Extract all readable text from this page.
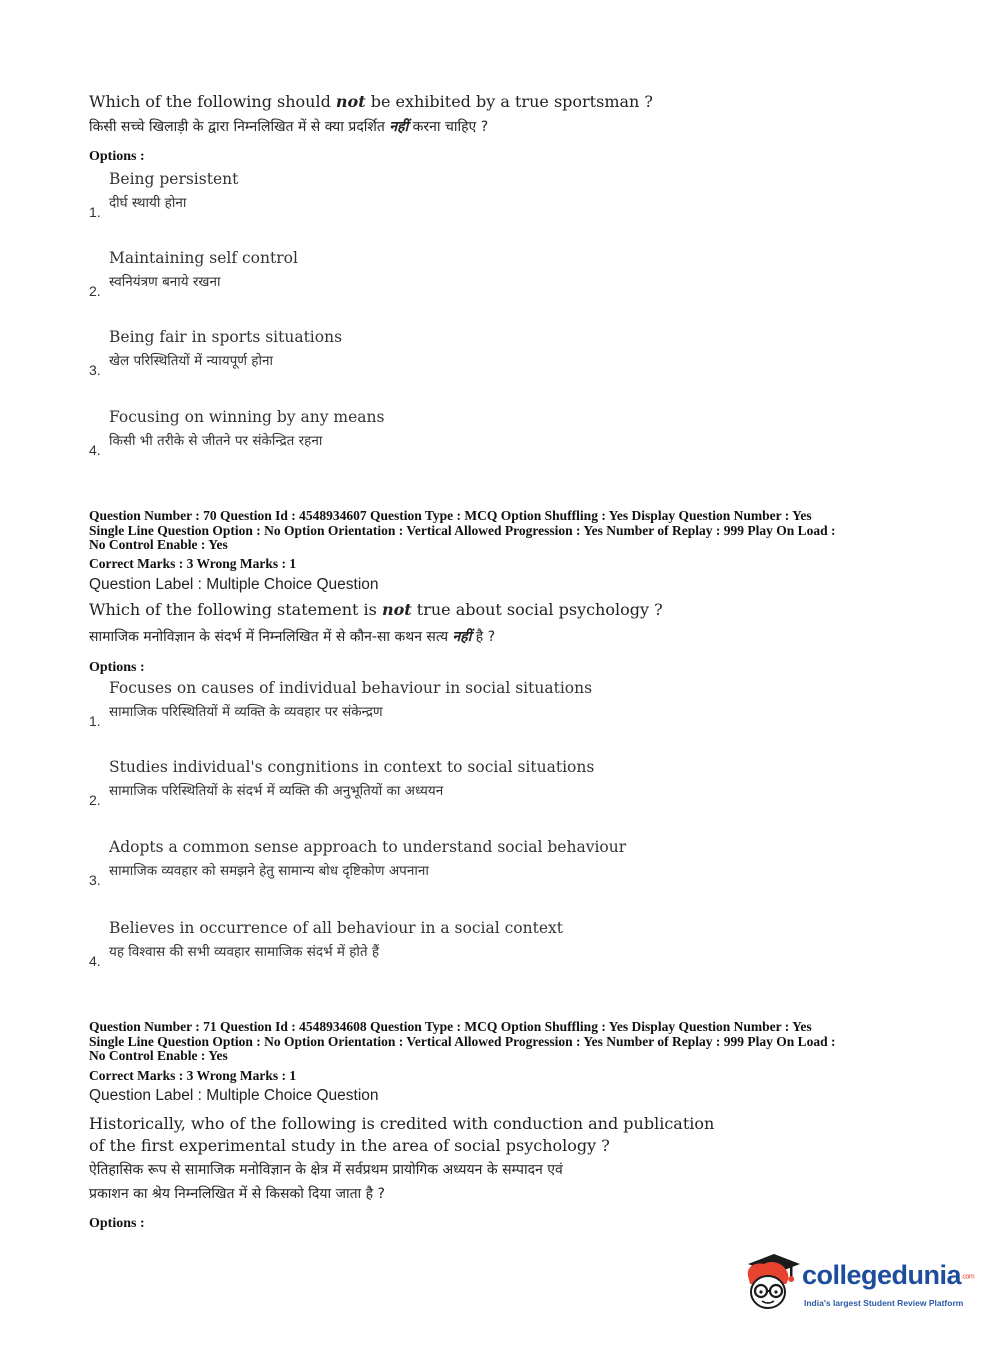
Which of the following should not be exhibited by a true sportsman ?
किसी सच्चे खिलाड़ी के द्वारा निम्नलिखित में से क्या प्रदर्शित नहीं करना चाहिए ?
Options :
Being persistent
दीर्घ स्थायी होना
1.
Maintaining self control
स्वनियंत्रण बनाये रखना
2.
Being fair in sports situations
खेल परिस्थितियों में न्यायपूर्ण होना
3.
Focusing on winning by any means
किसी भी तरीके से जीतने पर संकेन्द्रित रहना
4.
Question Number : 70 Question Id : 4548934607 Question Type : MCQ Option Shuffling : Yes Display Question Number : Yes
Single Line Question Option : No Option Orientation : Vertical Allowed Progression : Yes Number of Replay : 999 Play On Load :
No Control Enable : Yes
Correct Marks : 3 Wrong Marks : 1
Question Label : Multiple Choice Question
Which of the following statement is not true about social psychology ?
सामाजिक मनोविज्ञान के संदर्भ में निम्नलिखित में से कौन-सा कथन सत्य नहीं है ?
Options :
Focuses on causes of individual behaviour in social situations
सामाजिक परिस्थितियों में व्यक्ति के व्यवहार पर संकेन्द्रण
1.
Studies individual's congnitions in context to social situations
सामाजिक परिस्थितियों के संदर्भ में व्यक्ति की अनुभूतियों का अध्ययन
2.
Adopts a common sense approach to understand social behaviour
सामाजिक व्यवहार को समझने हेतु सामान्य बोध दृष्टिकोण अपनाना
3.
Believes in occurrence of all behaviour in a social context
यह विश्वास की सभी व्यवहार सामाजिक संदर्भ में होते हैं
4.
Question Number : 71 Question Id : 4548934608 Question Type : MCQ Option Shuffling : Yes Display Question Number : Yes
Single Line Question Option : No Option Orientation : Vertical Allowed Progression : Yes Number of Replay : 999 Play On Load :
No Control Enable : Yes
Correct Marks : 3 Wrong Marks : 1
Question Label : Multiple Choice Question
Historically, who of the following is credited with conduction and publication
of the first experimental study in the area of social psychology ?
ऐतिहासिक रूप से सामाजिक मनोविज्ञान के क्षेत्र में सर्वप्रथम प्रायोगिक अध्ययन के सम्पादन एवं
प्रकाशन का श्रेय निम्नलिखित में से किसको दिया जाता है ?
Options :
collegedunia.com
India's largest Student Review Platform
